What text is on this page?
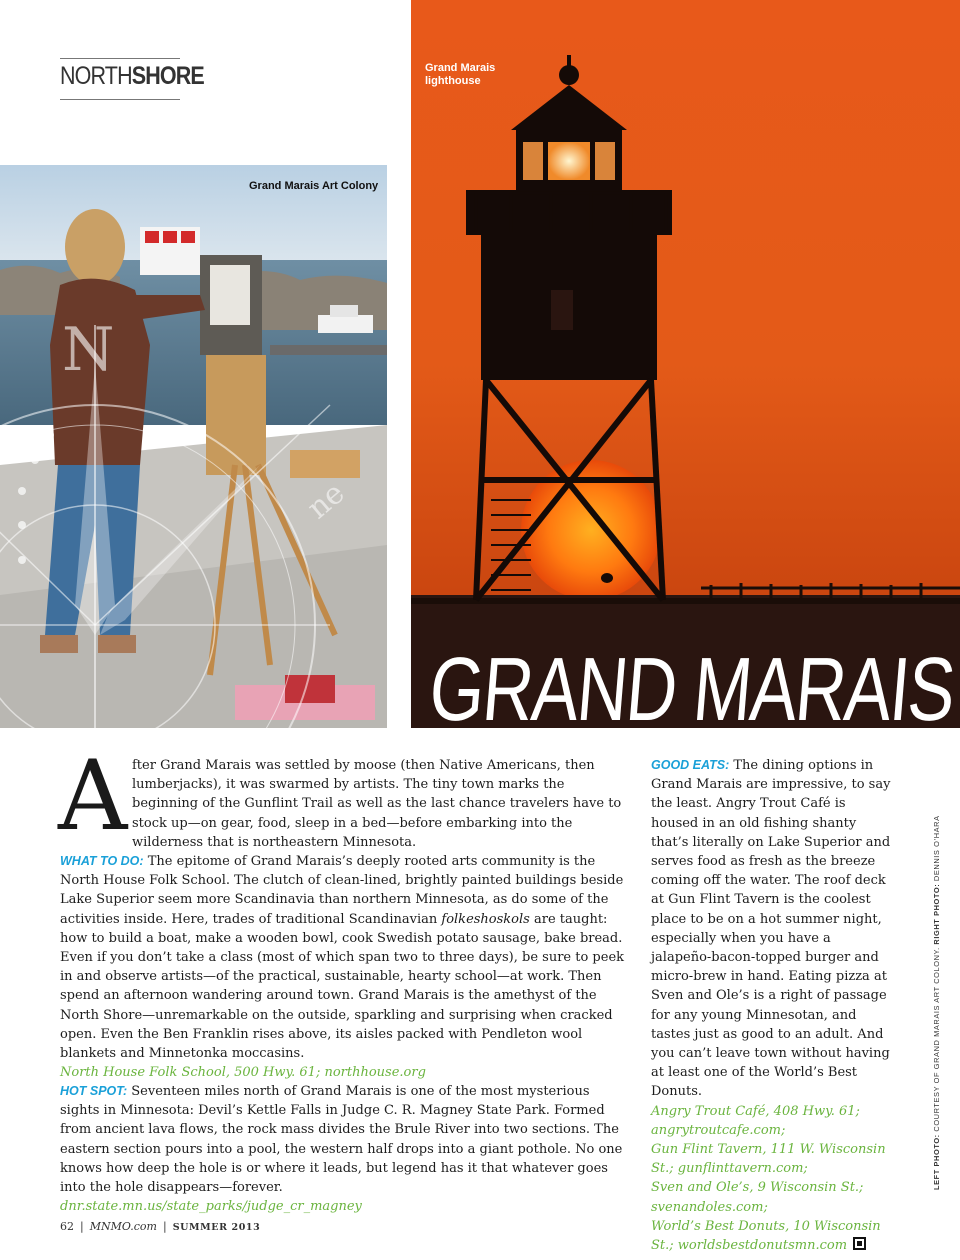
NORTHSHORE
N
ne
Grand Marais Art Colony
Grand Marais lighthouse
GRAND MARAIS
A fter Grand Marais was settled by moose (then Native Americans, then lumberjacks), it was swarmed by artists. The tiny town marks the beginning of the Gunflint Trail as well as the last chance travelers have to stock up—on gear, food, sleep in a bed—before embarking into the wilderness that is northeastern Minnesota.
WHAT TO DO: The epitome of Grand Marais’s deeply rooted arts community is the North House Folk School. The clutch of clean-lined, brightly painted buildings beside Lake Superior seem more Scandinavia than northern Minnesota, as do some of the activities inside. Here, trades of traditional Scandinavian folkeshoskols are taught: how to build a boat, make a wooden bowl, cook Swedish potato sausage, bake bread. Even if you don’t take a class (most of which span two to three days), be sure to peek in and observe artists—of the practical, sustainable, hearty school—at work. Then spend an afternoon wandering around town. Grand Marais is the amethyst of the North Shore—unremarkable on the outside, sparkling and surprising when cracked open. Even the Ben Franklin rises above, its aisles packed with Pendleton wool blankets and Minnetonka moccasins.
North House Folk School, 500 Hwy. 61; northhouse.org
HOT SPOT: Seventeen miles north of Grand Marais is one of the most mysterious sights in Minnesota: Devil’s Kettle Falls in Judge C. R. Magney State Park. Formed from ancient lava flows, the rock mass divides the Brule River into two sections. The eastern section pours into a pool, the western half drops into a giant pothole. No one knows how deep the hole is or where it leads, but legend has it that whatever goes into the hole disappears—forever.
dnr.state.mn.us/state_parks/judge_cr_magney
GOOD EATS: The dining options in Grand Marais are impressive, to say the least. Angry Trout Café is housed in an old fishing shanty that’s literally on Lake Superior and serves food as fresh as the breeze coming off the water. The roof deck at Gun Flint Tavern is the coolest place to be on a hot summer night, especially when you have a jalapeño-bacon-topped burger and micro-brew in hand. Eating pizza at Sven and Ole’s is a right of passage for any young Minnesotan, and tastes just as good to an adult. And you can’t leave town without having at least one of the World’s Best Donuts.
Angry Trout Café, 408 Hwy. 61; angrytroutcafe.com;
Gun Flint Tavern, 111 W. Wisconsin St.; gunflinttavern.com;
Sven and Ole’s, 9 Wisconsin St.; svenandoles.com;
World’s Best Donuts, 10 Wisconsin St.; worldsbestdonutsmn.com
LEFT PHOTO: COURTESY OF GRAND MARAIS ART COLONY. RIGHT PHOTO: DENNIS O’HARA
62 | MNMO.com | SUMMER 2013
